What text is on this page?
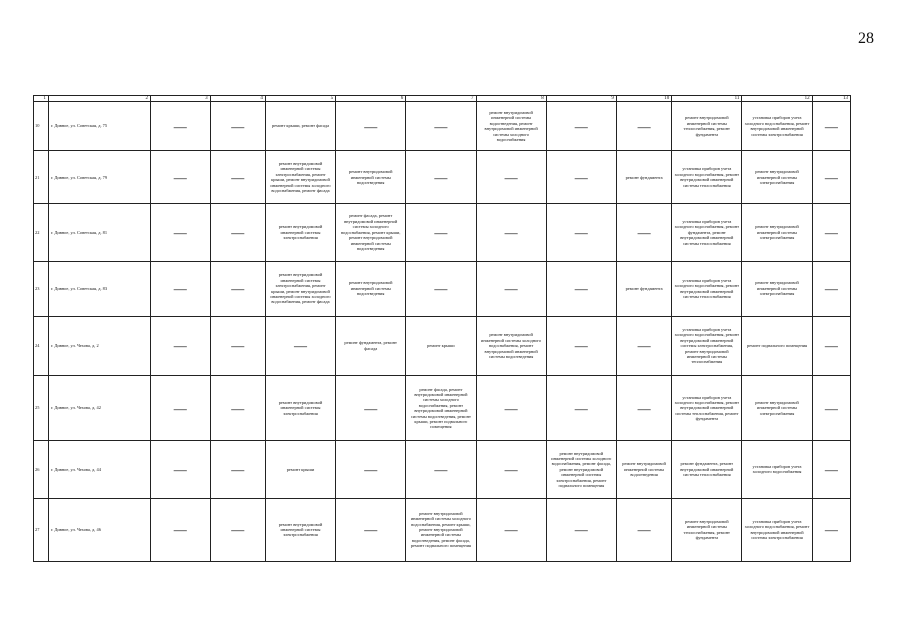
28
1	2	3	4	5	6	7	8	9	10	11	12	13
10	г. Дивное, ул. Советская, д. 75	—	—	ремонт крыши, ремонт фасада	—	—	ремонт внутридомовой инженерной системы водоотведения, ремонт внутридомовой инженерной системы холодного водоснабжения	—	—	ремонт внутридомовой инженерной системы теплоснабжения, ремонт фундамента	установка приборов учета холодного водоснабжения, ремонт внутридомовой инженерной системы электроснабжения	—
21	г. Дивное, ул. Советская, д. 79	—	—	ремонт внутридомовой инженерной системы электроснабжения, ремонт крыши, ремонт внутридомовой инженерной системы холодного водоснабжения, ремонт фасада	ремонт внутридомовой инженерной системы водоотведения	—	—	—	ремонт фундамента	установка приборов учета холодного водоснабжения, ремонт внутридомовой инженерной системы теплоснабжения	ремонт внутридомовой инженерной системы электроснабжения	—
22	г. Дивное, ул. Советская, д. 81	—	—	ремонт внутридомовой инженерной системы электроснабжения	ремонт фасада, ремонт внутридомовой инженерной системы холодного водоснабжения, ремонт крыши, ремонт внутридомовой инженерной системы водоотведения	—	—	—	—	установка приборов учета холодного водоснабжения, ремонт фундамента, ремонт внутридомовой инженерной системы теплоснабжения	ремонт внутридомовой инженерной системы электроснабжения	—
23	г. Дивное, ул. Советская, д. 83	—	—	ремонт внутридомовой инженерной системы электроснабжения, ремонт крыши, ремонт внутридомовой инженерной системы холодного водоснабжения, ремонт фасада	ремонт внутридомовой инженерной системы водоотведения	—	—	—	ремонт фундамента	установка приборов учета холодного водоснабжения, ремонт внутридомовой инженерной системы теплоснабжения	ремонт внутридомовой инженерной системы электроснабжения	—
24	г. Дивное, ул. Чехова, д. 2	—	—	—	ремонт фундамента, ремонт фасада	ремонт крыши	ремонт внутридомовой инженерной системы холодного водоснабжения, ремонт внутридомовой инженерной системы водоотведения	—	—	установка приборов учета холодного водоснабжения, ремонт внутридомовой инженерной системы электроснабжения, ремонт внутридомовой инженерной системы теплоснабжения	ремонт подвального помещения	—
25	г. Дивное, ул. Чехова, д. 42	—	—	ремонт внутридомовой инженерной системы электроснабжения	—	ремонт фасада, ремонт внутридомовой инженерной системы холодного водоснабжения, ремонт внутридомовой инженерной системы водоотведения, ремонт крыши, ремонт подвального помещения	—	—	—	установка приборов учета холодного водоснабжения, ремонт внутридомовой инженерной системы теплоснабжения, ремонт фундамента	ремонт внутридомовой инженерной системы электроснабжения	—
26	г. Дивное, ул. Чехова, д. 44	—	—	ремонт крыши	—	—	—	ремонт внутридомовой инженерной системы холодного водоснабжения, ремонт фасада, ремонт внутридомовой инженерной системы электроснабжения, ремонт подвального помещения	ремонт внутридомовой инженерной системы водоотведения	ремонт фундамента, ремонт внутридомовой инженерной системы теплоснабжения	установка приборов учета холодного водоснабжения	—
27	г. Дивное, ул. Чехова, д. 46	—	—	ремонт внутридомовой инженерной системы электроснабжения	—	ремонт внутридомовой инженерной системы холодного водоснабжения, ремонт крыши, ремонт внутридомовой инженерной системы водоотведения, ремонт фасада, ремонт подвального помещения	—	—	—	ремонт внутридомовой инженерной системы теплоснабжения, ремонт фундамента	установка приборов учета холодного водоснабжения, ремонт внутридомовой инженерной системы электроснабжения	—
